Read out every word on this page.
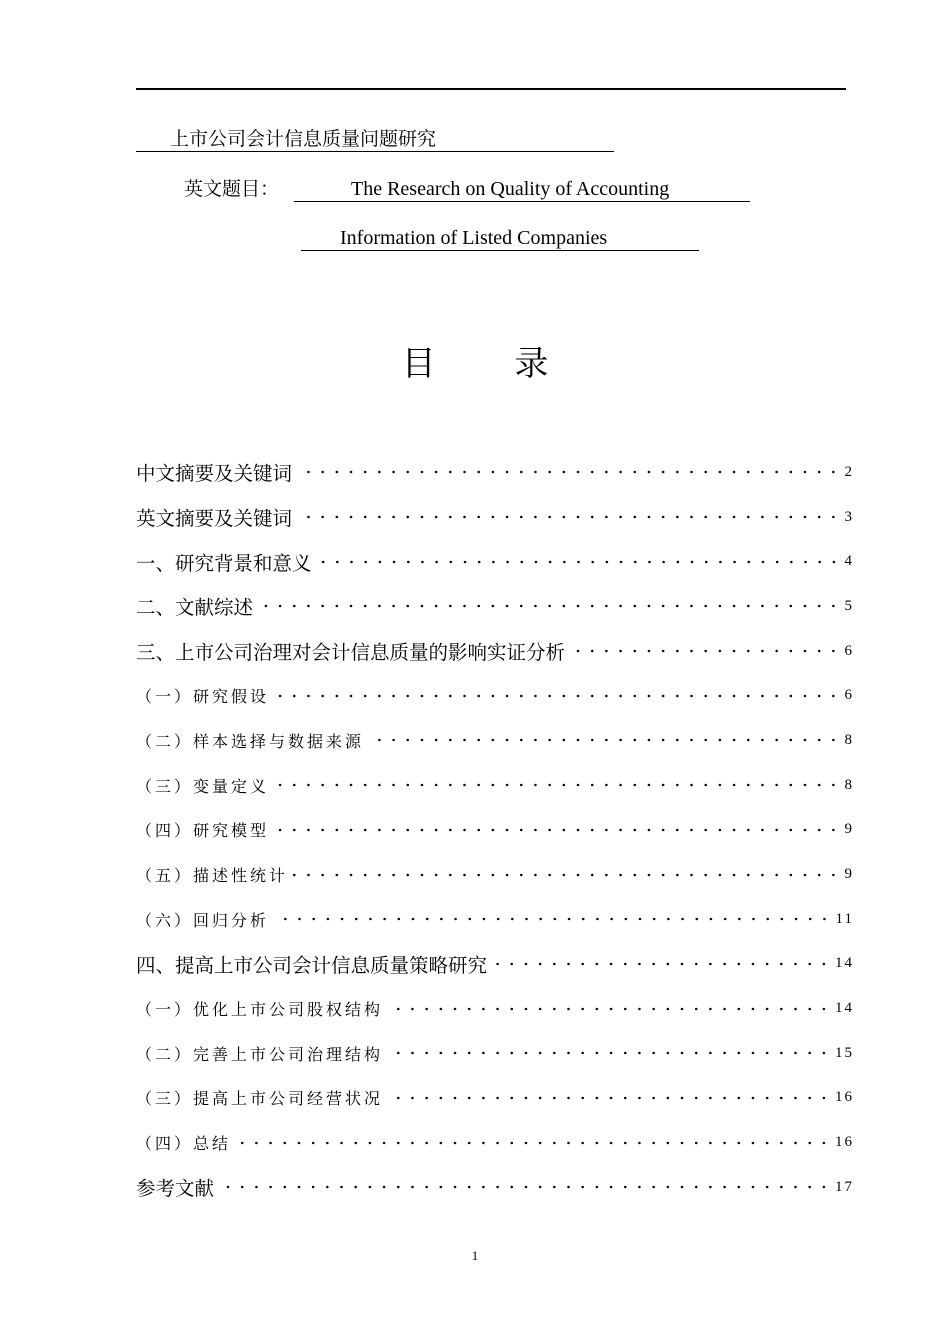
上市公司会计信息质量问题研究
英文题目：	The Research on Quality of Accounting
Information of Listed Companies
目 录
中文摘要及关键词	2
英文摘要及关键词	3
一、研究背景和意义	4
二、文献综述	5
三、上市公司治理对会计信息质量的影响实证分析	6
（一）研究假设	6
（二）样本选择与数据来源	8
（三）变量定义	8
（四）研究模型	9
（五）描述性统计	9
（六）回归分析	11
四、提高上市公司会计信息质量策略研究	14
（一）优化上市公司股权结构	14
（二）完善上市公司治理结构	15
（三）提高上市公司经营状况	16
（四）总结	16
参考文献	17
1
